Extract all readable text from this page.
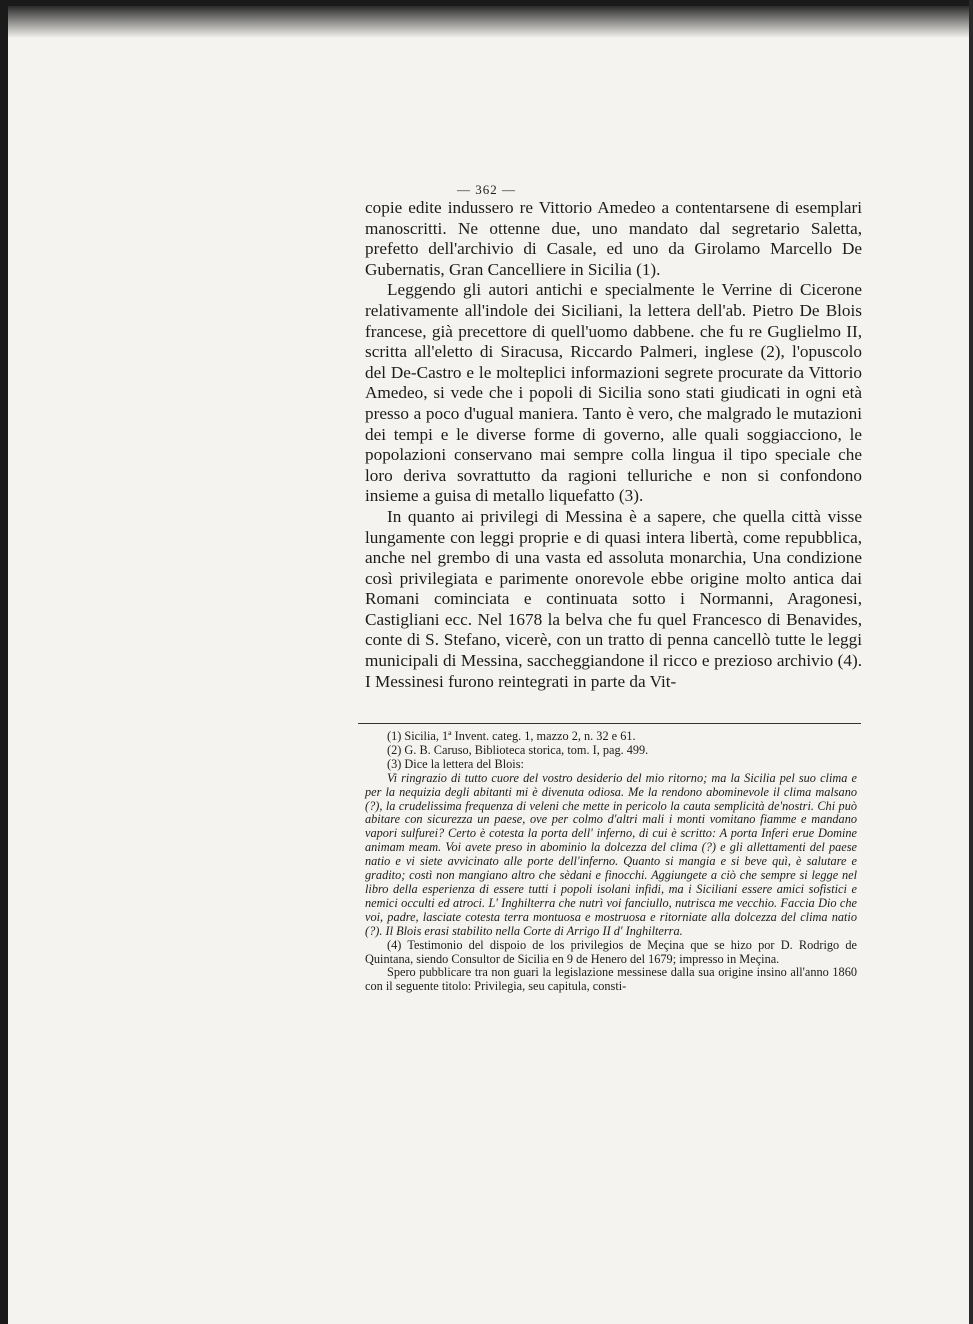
— 362 —

copie edite indussero re Vittorio Amedeo a contentarsene di esemplari manoscritti. Ne ottenne due, uno mandato dal segretario Saletta, prefetto dell'archivio di Casale, ed uno da Girolamo Marcello De Gubernatis, Gran Cancelliere in Sicilia (1).

Leggendo gli autori antichi e specialmente le Verrine di Cicerone relativamente all'indole dei Siciliani, la lettera dell'ab. Pietro De Blois francese, già precettore di quell'uomo dabbene. che fu re Guglielmo II, scritta all'eletto di Siracusa, Riccardo Palmeri, inglese (2), l'opuscolo del De-Castro e le molteplici informazioni segrete procurate da Vittorio Amedeo, si vede che i popoli di Sicilia sono stati giudicati in ogni età presso a poco d'ugual maniera. Tanto è vero, che malgrado le mutazioni dei tempi e le diverse forme di governo, alle quali soggiacciono, le popolazioni conservano mai sempre colla lingua il tipo speciale che loro deriva sovrattutto da ragioni telluriche e non si confondono insieme a guisa di metallo liquefatto (3).

In quanto ai privilegi di Messina è a sapere, che quella città visse lungamente con leggi proprie e di quasi intera libertà, come repubblica, anche nel grembo di una vasta ed assoluta monarchia, Una condizione così privilegiata e parimente onorevole ebbe origine molto antica dai Romani cominciata e continuata sotto i Normanni, Aragonesi, Castigliani ecc. Nel 1678 la belva che fu quel Francesco di Benavides, conte di S. Stefano, vicerè, con un tratto di penna cancellò tutte le leggi municipali di Messina, saccheggiandone il ricco e prezioso archivio (4). I Messinesi furono reintegrati in parte da Vit-

(1) Sicilia, 1ª Invent. categ. 1, mazzo 2, n. 32 e 61.

(2) G. B. Caruso, Biblioteca storica, tom. I, pag. 499.

(3) Dice la lettera del Blois:

Vi ringrazio di tutto cuore del vostro desiderio del mio ritorno; ma la Sicilia pel suo clima e per la nequizia degli abitanti mi è divenuta odiosa. Me la rendono abominevole il clima malsano (?), la crudelissima frequenza di veleni che mette in pericolo la cauta semplicità de'nostri. Chi può abitare con sicurezza un paese, ove per colmo d'altri mali i monti vomitano fiamme e mandano vapori sulfurei? Certo è cotesta la porta dell' inferno, di cui è scritto: A porta Inferi erue Domine animam meam. Voi avete preso in abominio la dolcezza del clima (?) e gli allettamenti del paese natio e vi siete avvicinato alle porte dell'inferno. Quanto si mangia e si beve quì, è salutare e gradito; costì non mangiano altro che sèdani e finocchi. Aggiungete a ciò che sempre si legge nel libro della esperienza di essere tutti i popoli isolani infidi, ma i Siciliani essere amici sofistici e nemici occulti ed atroci. L' Inghilterra che nutrì voi fanciullo, nutrisca me vecchio. Faccia Dio che voi, padre, lasciate cotesta terra montuosa e mostruosa e ritorniate alla dolcezza del clima natio (?). Il Blois erasi stabilito nella Corte di Arrigo II d' Inghilterra.

(4) Testimonio del dispoio de los privilegios de Meçina que se hizo por D. Rodrigo de Quintana, siendo Consultor de Sicilia en 9 de Henero del 1679; impresso in Meçina.

Spero pubblicare tra non guari la legislazione messinese dalla sua origine insino all'anno 1860 con il seguente titolo: Privilegia, seu capitula, consti-
